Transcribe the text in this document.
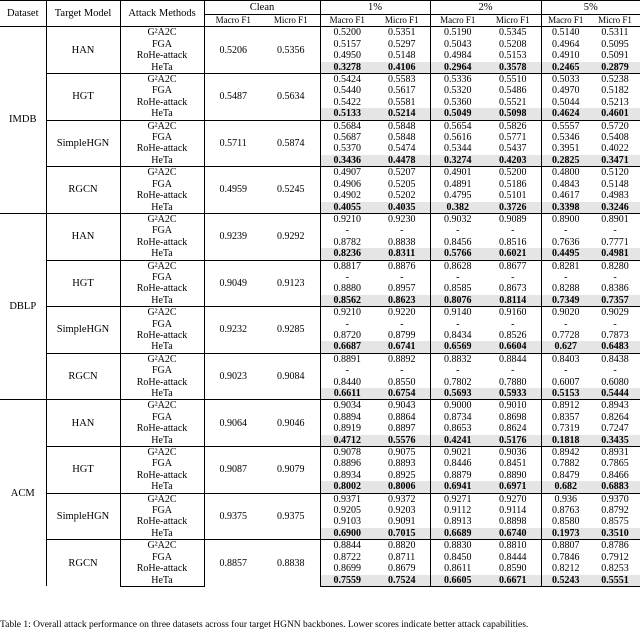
Dataset	Target Model	Attack Methods	Clean		1%		2%		5%	
			Macro F1	Micro F1	Macro F1	Micro F1	Macro F1	Micro F1	Macro F1	Micro F1
IMDB	HAN	G²A2C	0.5206	0.5356	0.5200	0.5351	0.5190	0.5345	0.5140	0.5311
		FGA			0.5157	0.5297	0.5043	0.5208	0.4964	0.5095
		RoHe-attack			0.4950	0.5148	0.4984	0.5153	0.4910	0.5091
		HeTa			0.3278	0.4106	0.2964	0.3578	0.2465	0.2879
	HGT	G²A2C	0.5487	0.5634	0.5424	0.5583	0.5336	0.5510	0.5033	0.5238
		FGA			0.5440	0.5617	0.5320	0.5486	0.4970	0.5182
		RoHe-attack			0.5422	0.5581	0.5360	0.5521	0.5044	0.5213
		HeTa			0.5133	0.5214	0.5049	0.5098	0.4624	0.4601
	SimpleHGN	G²A2C	0.5711	0.5874	0.5684	0.5848	0.5654	0.5826	0.5557	0.5720
		FGA			0.5687	0.5848	0.5616	0.5771	0.5346	0.5408
		RoHe-attack			0.5370	0.5474	0.5344	0.5437	0.3951	0.4022
		HeTa			0.3436	0.4478	0.3274	0.4203	0.2825	0.3471
	RGCN	G²A2C	0.4959	0.5245	0.4907	0.5207	0.4901	0.5200	0.4800	0.5120
		FGA			0.4906	0.5205	0.4891	0.5186	0.4843	0.5148
		RoHe-attack			0.4902	0.5202	0.4795	0.5101	0.4617	0.4983
		HeTa			0.4055	0.4035	0.382	0.3726	0.3398	0.3246
DBLP	HAN	G²A2C	0.9239	0.9292	0.9210	0.9230	0.9032	0.9089	0.8900	0.8901
		FGA			-	-	-	-	-	-
		RoHe-attack			0.8782	0.8838	0.8456	0.8516	0.7636	0.7771
		HeTa			0.8236	0.8311	0.5766	0.6021	0.4495	0.4981
	HGT	G²A2C	0.9049	0.9123	0.8817	0.8876	0.8628	0.8677	0.8281	0.8280
		FGA			-	-	-	-	-	-
		RoHe-attack			0.8880	0.8957	0.8585	0.8673	0.8288	0.8386
		HeTa			0.8562	0.8623	0.8076	0.8114	0.7349	0.7357
	SimpleHGN	G²A2C	0.9232	0.9285	0.9210	0.9220	0.9140	0.9160	0.9020	0.9029
		FGA			-	-	-	-	-	-
		RoHe-attack			0.8720	0.8799	0.8434	0.8526	0.7728	0.7873
		HeTa			0.6687	0.6741	0.6569	0.6604	0.627	0.6483
	RGCN	G²A2C	0.9023	0.9084	0.8891	0.8892	0.8832	0.8844	0.8403	0.8438
		FGA			-	-	-	-	-	-
		RoHe-attack			0.8440	0.8550	0.7802	0.7880	0.6007	0.6080
		HeTa			0.6611	0.6754	0.5693	0.5933	0.5153	0.5444
ACM	HAN	G²A2C	0.9064	0.9046	0.9034	0.9043	0.9000	0.9010	0.8912	0.8943
		FGA			0.8894	0.8864	0.8734	0.8698	0.8357	0.8264
		RoHe-attack			0.8919	0.8897	0.8653	0.8624	0.7319	0.7247
		HeTa			0.4712	0.5576	0.4241	0.5176	0.1818	0.3435
	HGT	G²A2C	0.9087	0.9079	0.9078	0.9075	0.9021	0.9036	0.8942	0.8931
		FGA			0.8896	0.8893	0.8446	0.8451	0.7882	0.7865
		RoHe-attack			0.8934	0.8925	0.8879	0.8890	0.8479	0.8466
		HeTa			0.8002	0.8006	0.6941	0.6971	0.682	0.6883
	SimpleHGN	G²A2C	0.9375	0.9375	0.9371	0.9372	0.9271	0.9270	0.936	0.9370
		FGA			0.9205	0.9203	0.9112	0.9114	0.8763	0.8792
		RoHe-attack			0.9103	0.9091	0.8913	0.8898	0.8580	0.8575
		HeTa			0.6900	0.7015	0.6689	0.6740	0.1973	0.3510
	RGCN	G²A2C	0.8857	0.8838	0.8844	0.8820	0.8830	0.8810	0.8807	0.8786
		FGA			0.8722	0.8711	0.8450	0.8444	0.7846	0.7912
		RoHe-attack			0.8699	0.8679	0.8611	0.8590	0.8212	0.8253
		HeTa			0.7559	0.7524	0.6605	0.6671	0.5243	0.5551
Table 1: Overall attack performance on three datasets across four target HGNN backbones. Lower scores indicate better attack capabilities.
